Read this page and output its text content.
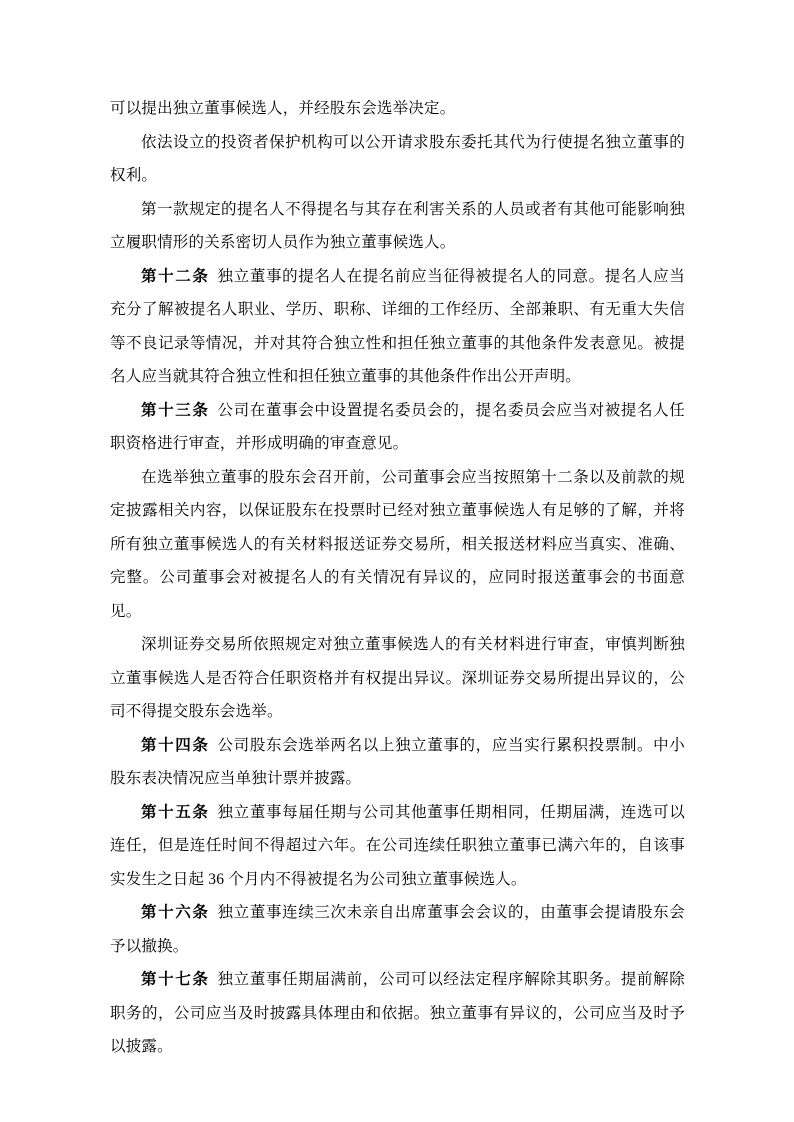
可以提出独立董事候选人，并经股东会选举决定。

依法设立的投资者保护机构可以公开请求股东委托其代为行使提名独立董事的权利。

第一款规定的提名人不得提名与其存在利害关系的人员或者有其他可能影响独立履职情形的关系密切人员作为独立董事候选人。

第十二条 独立董事的提名人在提名前应当征得被提名人的同意。提名人应当充分了解被提名人职业、学历、职称、详细的工作经历、全部兼职、有无重大失信等不良记录等情况，并对其符合独立性和担任独立董事的其他条件发表意见。被提名人应当就其符合独立性和担任独立董事的其他条件作出公开声明。

第十三条 公司在董事会中设置提名委员会的，提名委员会应当对被提名人任职资格进行审查，并形成明确的审查意见。

在选举独立董事的股东会召开前，公司董事会应当按照第十二条以及前款的规定披露相关内容，以保证股东在投票时已经对独立董事候选人有足够的了解，并将所有独立董事候选人的有关材料报送证券交易所，相关报送材料应当真实、准确、完整。公司董事会对被提名人的有关情况有异议的，应同时报送董事会的书面意见。

深圳证券交易所依照规定对独立董事候选人的有关材料进行审查，审慎判断独立董事候选人是否符合任职资格并有权提出异议。深圳证券交易所提出异议的，公司不得提交股东会选举。

第十四条 公司股东会选举两名以上独立董事的，应当实行累积投票制。中小股东表决情况应当单独计票并披露。

第十五条 独立董事每届任期与公司其他董事任期相同，任期届满，连选可以连任，但是连任时间不得超过六年。在公司连续任职独立董事已满六年的，自该事实发生之日起 36 个月内不得被提名为公司独立董事候选人。

第十六条 独立董事连续三次未亲自出席董事会会议的，由董事会提请股东会予以撤换。

第十七条 独立董事任期届满前，公司可以经法定程序解除其职务。提前解除职务的，公司应当及时披露具体理由和依据。独立董事有异议的，公司应当及时予以披露。
